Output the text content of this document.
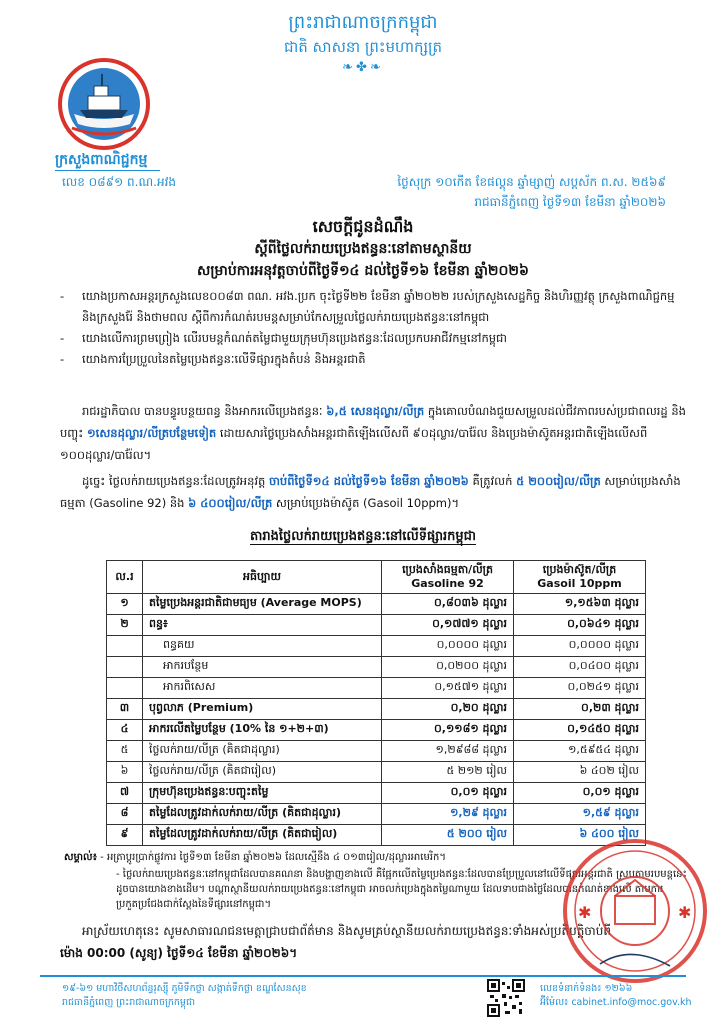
ព្រះរាជាណាចក្រកម្ពុជា
ជាតិ សាសនា ព្រះមហាក្សត្រ
❧✤❧
ក្រសួងពាណិជ្ជកម្ម
លេខ ០៨៩១ ព.ណ.អវង	ថ្ងៃសុក្រ ១០កើត ខែផល្គុន ឆ្នាំម្សាញ់ សប្តស័ក ព.ស. ២៥៦៩
រាជធានីភ្នំពេញ ថ្ងៃទី១៣ ខែមីនា ឆ្នាំ២០២៦
សេចក្តីជូនដំណឹង
ស្តីពីថ្លៃលក់រាយប្រេងឥន្ធនៈនៅតាមស្ថានីយ
សម្រាប់ការអនុវត្តចាប់ពីថ្ងៃទី១៤ ដល់ថ្ងៃទី១៦ ខែមីនា ឆ្នាំ២០២៦
- យោងប្រកាសអន្តរក្រសួងលេខ០០៨៣ ពណ. អវង.ប្រក ចុះថ្ងៃទី២២ ខែមីនា ឆ្នាំ២០២២ របស់ក្រសួងសេដ្ឋកិច្ច និងហិរញ្ញវត្ថុ ក្រសួងពាណិជ្ជកម្ម និងក្រសួងរ៉ែ និងថាមពល ស្តីពីការកំណត់របមន្តសម្រាប់កែសម្រួលថ្លៃលក់រាយប្រេងឥន្ធនៈនៅកម្ពុជា
- យោងលើការព្រមព្រៀង លើរបមន្តកំណត់តម្លៃជាមួយក្រុមហ៊ុនប្រេងឥន្ធនៈដែលប្រកបអាជីវកម្មនៅកម្ពុជា
- យោងការប្រែប្រួលនៃតម្លៃប្រេងឥន្ធនៈលើទីផ្សារក្នុងតំបន់ និងអន្តរជាតិ

រាជរដ្ឋាភិបាល បានបន្ធូរបន្ថយពន្ធ និងអាករលើប្រេងឥន្ធនៈ ៦,៥ សេនដុល្លារ/លីត្រ ក្នុងគោលបំណងជួយសម្រួលដល់ជីវភាពរបស់ប្រជាពលរដ្ឋ និងបញ្ចុះ ១សេនដុល្លារ/លីត្របន្ថែមទៀត ដោយសារថ្លៃប្រេងសាំងអន្តរជាតិឡើងលើសពី ៩០ដុល្លារ/បារ៉ែល និងប្រេងម៉ាស៊ូតអន្តរជាតិឡើងលើសពី ១០០ដុល្លារ/បារ៉ែល។

ដូច្នេះ ថ្លៃលក់រាយប្រេងឥន្ធនៈដែលត្រូវអនុវត្ត ចាប់ពីថ្ងៃទី១៤ ដល់ថ្ងៃទី១៦ ខែមីនា ឆ្នាំ២០២៦ គឺត្រូវលក់ ៥ ២០០រៀល/លីត្រ សម្រាប់ប្រេងសាំងធម្មតា (Gasoline 92) និង ៦ ៤០០រៀល/លីត្រ សម្រាប់ប្រេងម៉ាស៊ូត (Gasoil 10ppm)។

តារាងថ្លៃលក់រាយប្រេងឥន្ធនៈនៅលើទីផ្សារកម្ពុជា
ល.រ	អធិប្បាយ	ប្រេងសាំងធម្មតា/លីត្រ
Gasoline 92	ប្រេងម៉ាស៊ូត/លីត្រ
Gasoil 10ppm
១	តម្លៃប្រេងអន្តរជាតិជាមធ្យម (Average MOPS)	០,៨០៣៦ ដុល្លារ	១,១៥៦៣ ដុល្លារ
២	ពន្ធ៖	០,១៧៧១ ដុល្លារ	០,០៦៤១ ដុល្លារ
	ពន្ធគយ	០,០០០០ ដុល្លារ	០,០០០០ ដុល្លារ
	អាករបន្ថែម	០,០២០០ ដុល្លារ	០,០៤០០ ដុល្លារ
	អាករពិសេស	០,១៥៧១ ដុល្លារ	០,០២៤១ ដុល្លារ
៣	បុព្វលាភ (Premium)	០,២០ ដុល្លារ	០,២៣ ដុល្លារ
៤	អាករលើតម្លៃបន្ថែម (10% នៃ ១+២+៣)	០,១១៨១ ដុល្លារ	០,១៤៥០ ដុល្លារ
៥	ថ្លៃលក់រាយ/លីត្រ (គិតជាដុល្លារ)	១,២៩៨៨ ដុល្លារ	១,៥៩៥៤ ដុល្លារ
៦	ថ្លៃលក់រាយ/លីត្រ (គិតជារៀល)	៥ ២១២ រៀល	៦ ៤០២ រៀល
៧	ក្រុមហ៊ុនប្រេងឥន្ធនៈបញ្ចុះតម្លៃ	០,០១ ដុល្លារ	០,០១ ដុល្លារ
៨	តម្លៃដែលត្រូវដាក់លក់រាយ/លីត្រ (គិតជាដុល្លារ)	១,២៩ ដុល្លារ	១,៥៩ ដុល្លារ
៩	តម្លៃដែលត្រូវដាក់លក់រាយ/លីត្រ (គិតជារៀល)	៥ ២០០ រៀល	៦ ៤០០ រៀល
សម្គាល់៖ - អត្រាប្តូរប្រាក់ផ្លូវការ ថ្ងៃទី១៣ ខែមីនា ឆ្នាំ២០២៦ ដែលស្មើនឹង ៤ ០១៣រៀល/ដុល្លារអាមេរិក។
- ថ្លៃលក់រាយប្រេងឥន្ធនៈនៅកម្ពុជាដែលបានគណនា និងបង្ហាញខាងលើ គឺផ្អែកលើតម្លៃប្រេងឥន្ធនៈដែលបានប្រែប្រួលនៅលើទីផ្សារអន្តរជាតិ ស្របតាមរបមន្តនេះ
ដូចបានយោងខាងដើម។ បណ្តាស្ថានីយលក់រាយប្រេងឥន្ធនៈនៅកម្ពុជា អាចលក់ប្រេងក្នុងតម្លៃណាមួយ ដែលទាបជាងថ្លៃដែលបានកំណត់ខាងលើ តាមការ
ប្រកួតប្រជែងជាក់ស្តែងនៃទីផ្សារនៅកម្ពុជា។

អាស្រ័យហេតុនេះ សូមសាធារណជនមេត្តាជ្រាបជាព័ត៌មាន និងសូមគ្រប់ស្ថានីយលក់រាយប្រេងឥន្ធនៈទាំងអស់ប្រតិបត្តិចាប់ពី
ម៉ោង 00:00 (សូន្យ) ថ្ងៃទី១៤ ខែមីនា ឆ្នាំ២០២៦។

✱	✱
១៩-៦១ មហាវិថីសហព័ន្ធរុស្ស៊ី ភូមិទឹកថ្លា សង្កាត់ទឹកថ្លា ខណ្ឌសែនសុខ
រាជធានីភ្នំពេញ ព្រះរាជាណាចក្រកម្ពុជា
លេខទំនាក់ទំនង៖ ១២៦៦
អ៊ីម៉ែល៖ cabinet.info@moc.gov.kh
